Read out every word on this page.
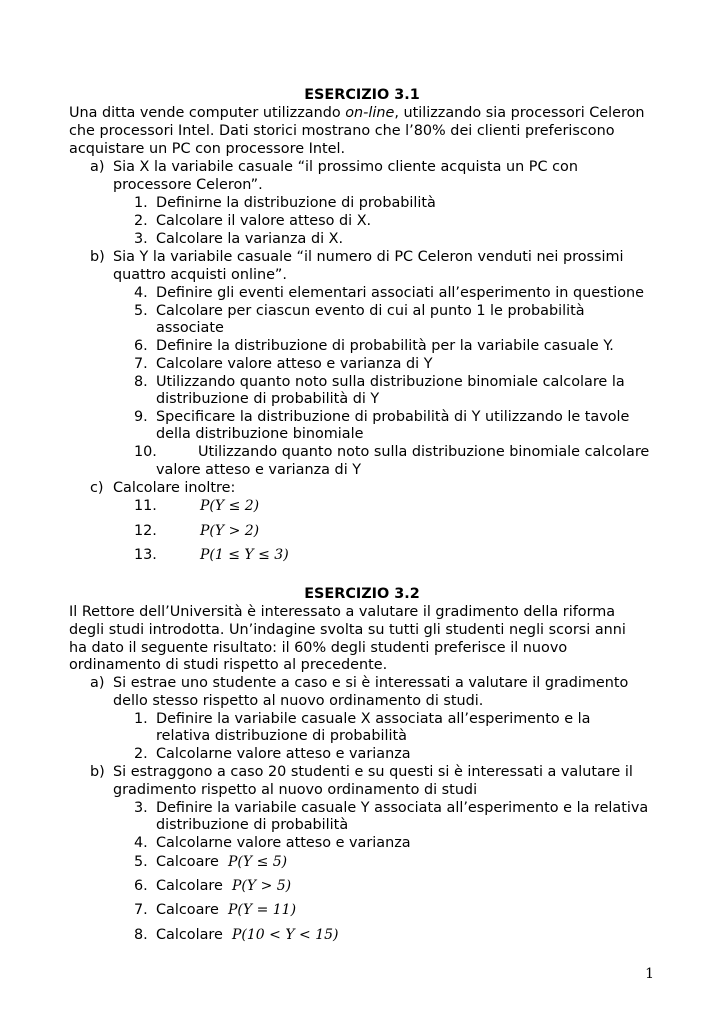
ESERCIZIO 3.1
Una ditta vende computer utilizzando on-line, utilizzando sia processori Celeron
che processori Intel. Dati storici mostrano che l’80% dei clienti preferiscono
acquistare un PC con processore Intel.
a) Sia X la variabile casuale “il prossimo cliente acquista un PC con
processore Celeron”.
1. Definirne la distribuzione di probabilità
2. Calcolare il valore atteso di X.
3. Calcolare la varianza di X.
b) Sia Y la variabile casuale “il numero di PC Celeron venduti nei prossimi
quattro acquisti online”.
4. Definire gli eventi elementari associati all’esperimento in questione
5. Calcolare per ciascun evento di cui al punto 1 le probabilità
associate
6. Definire la distribuzione di probabilità per la variabile casuale Y.
7. Calcolare valore atteso e varianza di Y
8. Utilizzando quanto noto sulla distribuzione binomiale calcolare la
distribuzione di probabilità di Y
9. Specificare la distribuzione di probabilità di Y utilizzando le tavole
della distribuzione binomiale
10.	Utilizzando quanto noto sulla distribuzione binomiale calcolare
valore atteso e varianza di Y
c) Calcolare inoltre:
11.	P(Y ≤ 2)
12.	P(Y > 2)
13.	P(1 ≤ Y ≤ 3)
ESERCIZIO 3.2
Il Rettore dell’Università è interessato a valutare il gradimento della riforma
degli studi introdotta. Un’indagine svolta su tutti gli studenti negli scorsi anni
ha dato il seguente risultato: il 60% degli studenti preferisce il nuovo
ordinamento di studi rispetto al precedente.
a) Si estrae uno studente a caso e si è interessati a valutare il gradimento
dello stesso rispetto al nuovo ordinamento di studi.
1. Definire la variabile casuale X associata all’esperimento e la
relativa distribuzione di probabilità
2. Calcolarne valore atteso e varianza
b) Si estraggono a caso 20 studenti e su questi si è interessati a valutare il
gradimento rispetto al nuovo ordinamento di studi
3. Definire la variabile casuale Y associata all’esperimento e la relativa
distribuzione di probabilità
4. Calcolarne valore atteso e varianza
5. Calcoare P(Y ≤ 5)
6. Calcolare P(Y > 5)
7. Calcoare P(Y = 11)
8. Calcolare P(10 < Y < 15)
1
